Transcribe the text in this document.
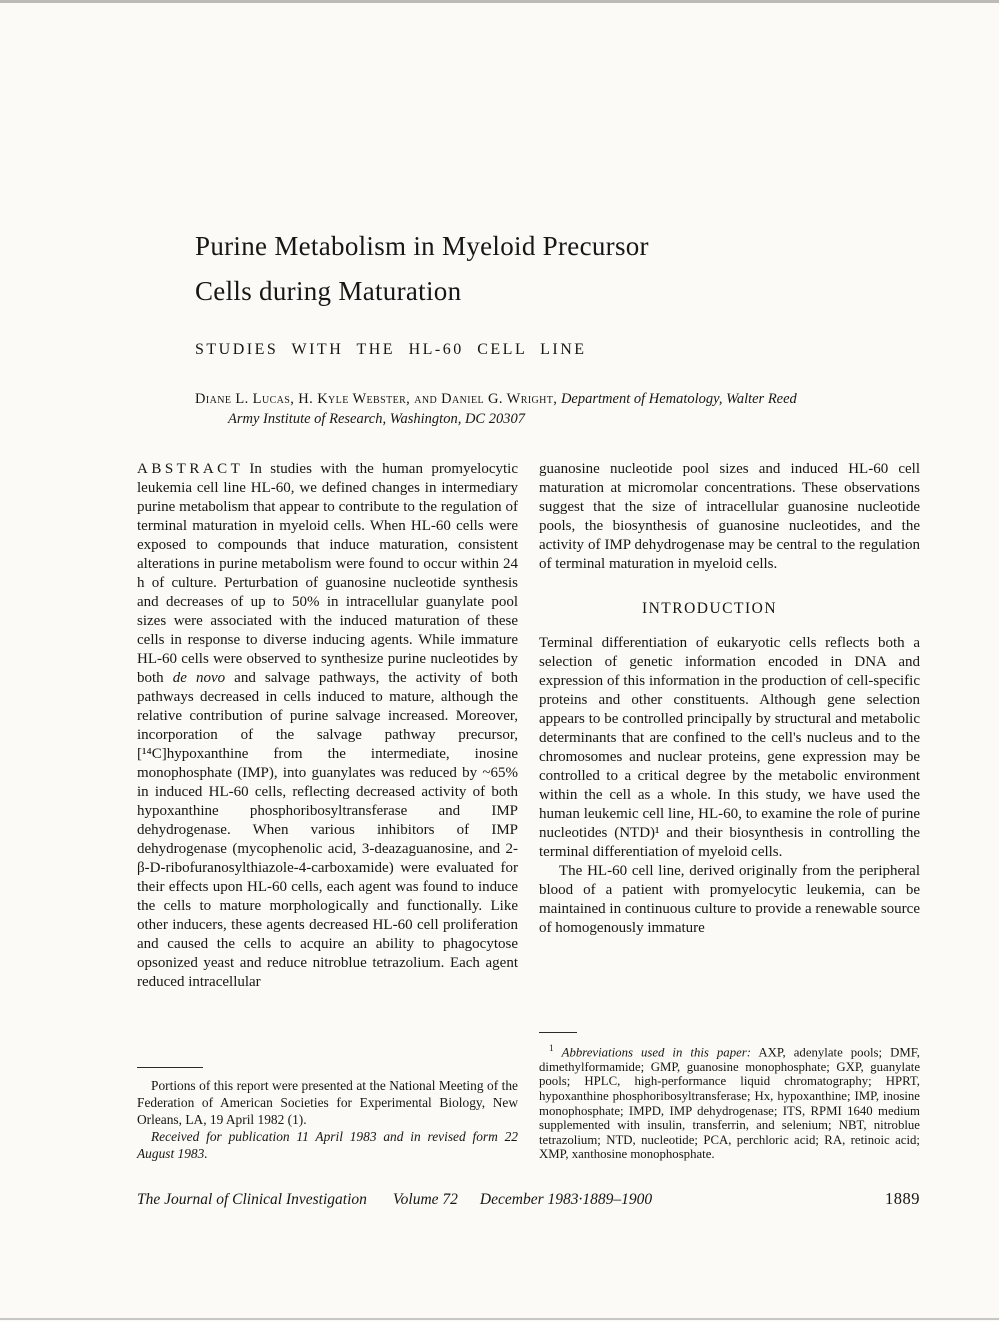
Purine Metabolism in Myeloid Precursor
Cells during Maturation
STUDIES WITH THE HL-60 CELL LINE
Diane L. Lucas, H. Kyle Webster, and Daniel G. Wright, Department of Hematology, Walter Reed Army Institute of Research, Washington, DC 20307

ABSTRACT In studies with the human promyelocytic leukemia cell line HL-60, we defined changes in intermediary purine metabolism that appear to contribute to the regulation of terminal maturation in myeloid cells. When HL-60 cells were exposed to compounds that induce maturation, consistent alterations in purine metabolism were found to occur within 24 h of culture. Perturbation of guanosine nucleotide synthesis and decreases of up to 50% in intracellular guanylate pool sizes were associated with the induced maturation of these cells in response to diverse inducing agents. While immature HL-60 cells were observed to synthesize purine nucleotides by both de novo and salvage pathways, the activity of both pathways decreased in cells induced to mature, although the relative contribution of purine salvage increased. Moreover, incorporation of the salvage pathway precursor, [¹⁴C]hypoxanthine from the intermediate, inosine monophosphate (IMP), into guanylates was reduced by ~65% in induced HL-60 cells, reflecting decreased activity of both hypoxanthine phosphoribosyltransferase and IMP dehydrogenase. When various inhibitors of IMP dehydrogenase (mycophenolic acid, 3-deazaguanosine, and 2-β-D-ribofuranosylthiazole-4-carboxamide) were evaluated for their effects upon HL-60 cells, each agent was found to induce the cells to mature morphologically and functionally. Like other inducers, these agents decreased HL-60 cell proliferation and caused the cells to acquire an ability to phagocytose opsonized yeast and reduce nitroblue tetrazolium. Each agent reduced intracellular

Portions of this report were presented at the National Meeting of the Federation of American Societies for Experimental Biology, New Orleans, LA, 19 April 1982 (1).

Received for publication 11 April 1983 and in revised form 22 August 1983.

guanosine nucleotide pool sizes and induced HL-60 cell maturation at micromolar concentrations. These observations suggest that the size of intracellular guanosine nucleotide pools, the biosynthesis of guanosine nucleotides, and the activity of IMP dehydrogenase may be central to the regulation of terminal maturation in myeloid cells.

INTRODUCTION

Terminal differentiation of eukaryotic cells reflects both a selection of genetic information encoded in DNA and expression of this information in the production of cell-specific proteins and other constituents. Although gene selection appears to be controlled principally by structural and metabolic determinants that are confined to the cell's nucleus and to the chromosomes and nuclear proteins, gene expression may be controlled to a critical degree by the metabolic environment within the cell as a whole. In this study, we have used the human leukemic cell line, HL-60, to examine the role of purine nucleotides (NTD)¹ and their biosynthesis in controlling the terminal differentiation of myeloid cells.

The HL-60 cell line, derived originally from the peripheral blood of a patient with promyelocytic leukemia, can be maintained in continuous culture to provide a renewable source of homogenously immature

$^1$ Abbreviations used in this paper: AXP, adenylate pools; DMF, dimethylformamide; GMP, guanosine monophosphate; GXP, guanylate pools; HPLC, high-performance liquid chromatography; HPRT, hypoxanthine phosphoribosyltransferase; Hx, hypoxanthine; IMP, inosine monophosphate; IMPD, IMP dehydrogenase; ITS, RPMI 1640 medium supplemented with insulin, transferrin, and selenium; NBT, nitroblue tetrazolium; NTD, nucleotide; PCA, perchloric acid; RA, retinoic acid; XMP, xanthosine monophosphate.

The Journal of Clinical Investigation Volume 72 December 1983·1889–1900	1889
